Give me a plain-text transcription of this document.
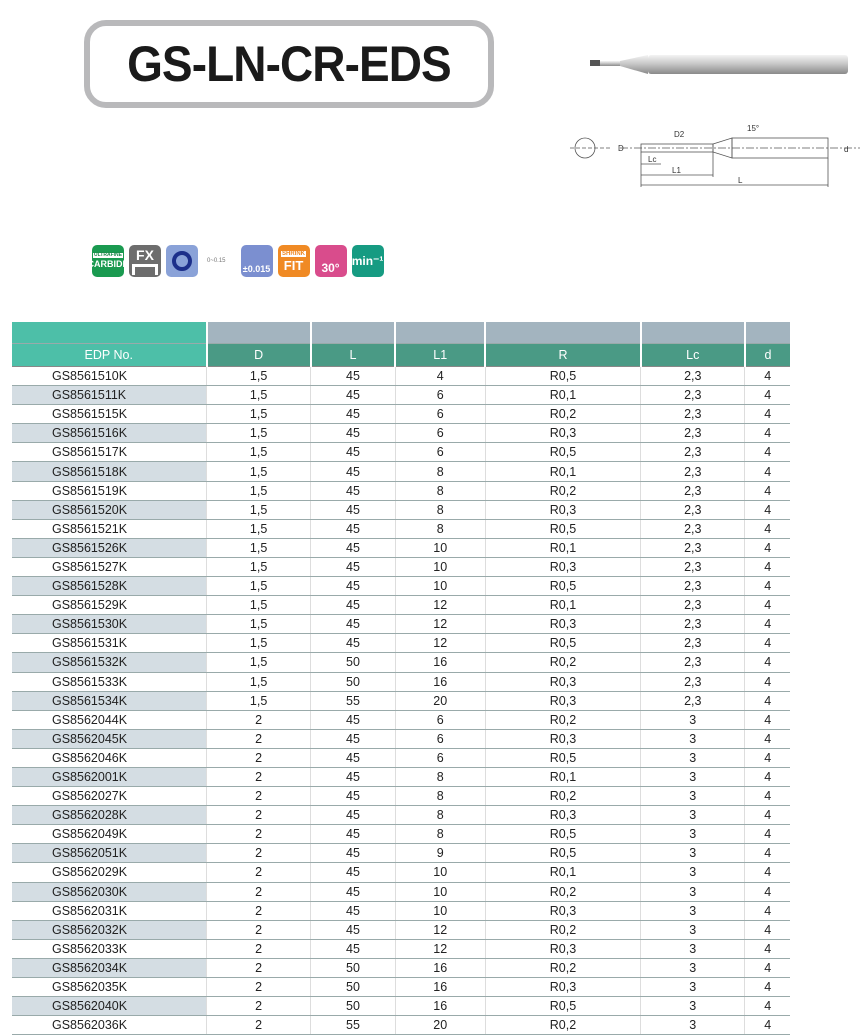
GS-LN-CR-EDS
D
D2
Lc
L1
L
d
15°
ULTRAFINE
CARBIDE
FX	0~0.15
±0.015
SHRINK
FIT 30° min⁻¹

EDP No.	D	L	L1	R	Lc	d
GS8561510K	1,5	45	4	R0,5	2,3	4
GS8561511K	1,5	45	6	R0,1	2,3	4
GS8561515K	1,5	45	6	R0,2	2,3	4
GS8561516K	1,5	45	6	R0,3	2,3	4
GS8561517K	1,5	45	6	R0,5	2,3	4
GS8561518K	1,5	45	8	R0,1	2,3	4
GS8561519K	1,5	45	8	R0,2	2,3	4
GS8561520K	1,5	45	8	R0,3	2,3	4
GS8561521K	1,5	45	8	R0,5	2,3	4
GS8561526K	1,5	45	10	R0,1	2,3	4
GS8561527K	1,5	45	10	R0,3	2,3	4
GS8561528K	1,5	45	10	R0,5	2,3	4
GS8561529K	1,5	45	12	R0,1	2,3	4
GS8561530K	1,5	45	12	R0,3	2,3	4
GS8561531K	1,5	45	12	R0,5	2,3	4
GS8561532K	1,5	50	16	R0,2	2,3	4
GS8561533K	1,5	50	16	R0,3	2,3	4
GS8561534K	1,5	55	20	R0,3	2,3	4
GS8562044K	2	45	6	R0,2	3	4
GS8562045K	2	45	6	R0,3	3	4
GS8562046K	2	45	6	R0,5	3	4
GS8562001K	2	45	8	R0,1	3	4
GS8562027K	2	45	8	R0,2	3	4
GS8562028K	2	45	8	R0,3	3	4
GS8562049K	2	45	8	R0,5	3	4
GS8562051K	2	45	9	R0,5	3	4
GS8562029K	2	45	10	R0,1	3	4
GS8562030K	2	45	10	R0,2	3	4
GS8562031K	2	45	10	R0,3	3	4
GS8562032K	2	45	12	R0,2	3	4
GS8562033K	2	45	12	R0,3	3	4
GS8562034K	2	50	16	R0,2	3	4
GS8562035K	2	50	16	R0,3	3	4
GS8562040K	2	50	16	R0,5	3	4
GS8562036K	2	55	20	R0,2	3	4
